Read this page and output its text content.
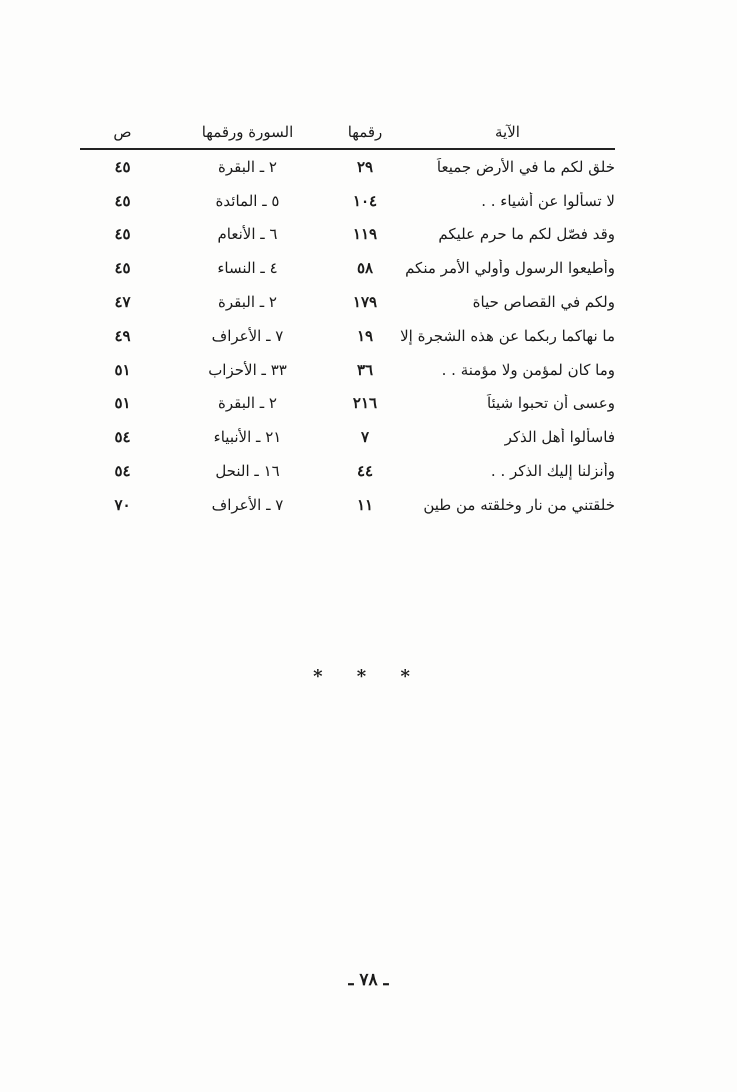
الآية
رقمها
السورة ورقمها
ص
خلق لكم ما في الأرض جميعاً
٢٩
٢ ـ البقرة
٤٥
لا تسألوا عن أشياء . .
١٠٤
٥ ـ المائدة
٤٥
وقد فصّل لكم ما حرم عليكم
١١٩
٦ ـ الأنعام
٤٥
وأطيعوا الرسول وأولي الأمر منكم
٥٨
٤ ـ النساء
٤٥
ولكم في القصاص حياة
١٧٩
٢ ـ البقرة
٤٧
ما نهاكما ربكما عن هذه الشجرة إلا
١٩
٧ ـ الأعراف
٤٩
وما كان لمؤمن ولا مؤمنة . .
٣٦
٣٣ ـ الأحزاب
٥١
وعسى أن تحبوا شيئاً
٢١٦
٢ ـ البقرة
٥١
فاسألوا أهل الذكر
٧
٢١ ـ الأنبياء
٥٤
وأنزلنا إليك الذكر . .
٤٤
١٦ ـ النحل
٥٤
خلقتني من نار وخلقته من طين
١١
٧ ـ الأعراف
٧٠
* * *
ـ ٧٨ ـ
